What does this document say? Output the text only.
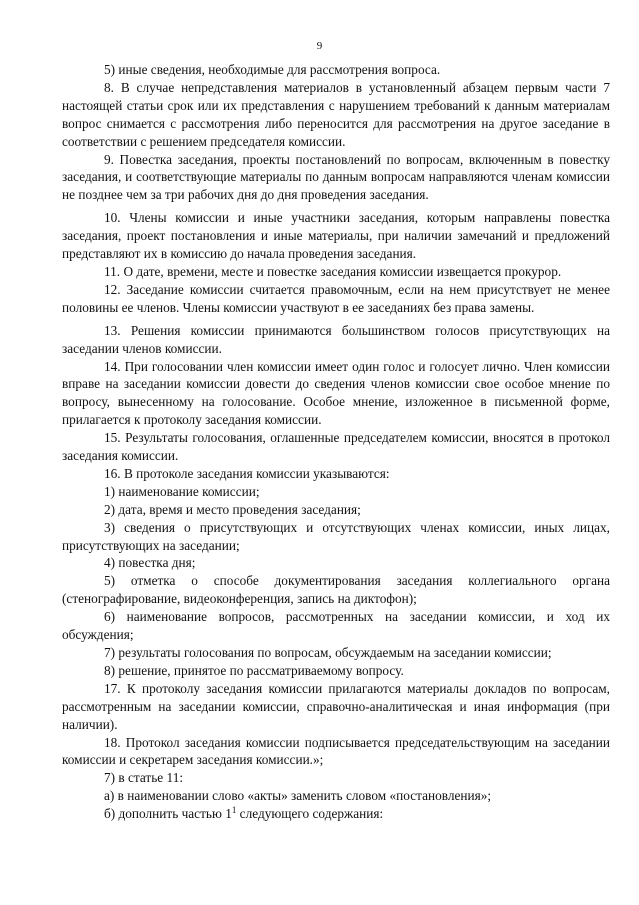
9

5) иные сведения, необходимые для рассмотрения вопроса.

8. В случае непредставления материалов в установленный абзацем первым части 7 настоящей статьи срок или их представления с нарушением требований к данным материалам вопрос снимается с рассмотрения либо переносится для рассмотрения на другое заседание в соответствии с решением председателя комиссии.

9. Повестка заседания, проекты постановлений по вопросам, включенным в повестку заседания, и соответствующие материалы по данным вопросам направляются членам комиссии не позднее чем за три рабочих дня до дня проведения заседания.

10. Члены комиссии и иные участники заседания, которым направлены повестка заседания, проект постановления и иные материалы, при наличии замечаний и предложений представляют их в комиссию до начала проведения заседания.

11. О дате, времени, месте и повестке заседания комиссии извещается прокурор.

12. Заседание комиссии считается правомочным, если на нем присутствует не менее половины ее членов. Члены комиссии участвуют в ее заседаниях без права замены.

13. Решения комиссии принимаются большинством голосов присутствующих на заседании членов комиссии.

14. При голосовании член комиссии имеет один голос и голосует лично. Член комиссии вправе на заседании комиссии довести до сведения членов комиссии свое особое мнение по вопросу, вынесенному на голосование. Особое мнение, изложенное в письменной форме, прилагается к протоколу заседания комиссии.

15. Результаты голосования, оглашенные председателем комиссии, вносятся в протокол заседания комиссии.

16. В протоколе заседания комиссии указываются:

1) наименование комиссии;

2) дата, время и место проведения заседания;

3) сведения о присутствующих и отсутствующих членах комиссии, иных лицах, присутствующих на заседании;

4) повестка дня;

5) отметка о способе документирования заседания коллегиального органа (стенографирование, видеоконференция, запись на диктофон);

6) наименование вопросов, рассмотренных на заседании комиссии, и ход их обсуждения;

7) результаты голосования по вопросам, обсуждаемым на заседании комиссии;

8) решение, принятое по рассматриваемому вопросу.

17. К протоколу заседания комиссии прилагаются материалы докладов по вопросам, рассмотренным на заседании комиссии, справочно-аналитическая и иная информация (при наличии).

18. Протокол заседания комиссии подписывается председательствующим на заседании комиссии и секретарем заседания комиссии.»;

7) в статье 11:

а) в наименовании слово «акты» заменить словом «постановления»;

б) дополнить частью $1^1$ следующего содержания:
